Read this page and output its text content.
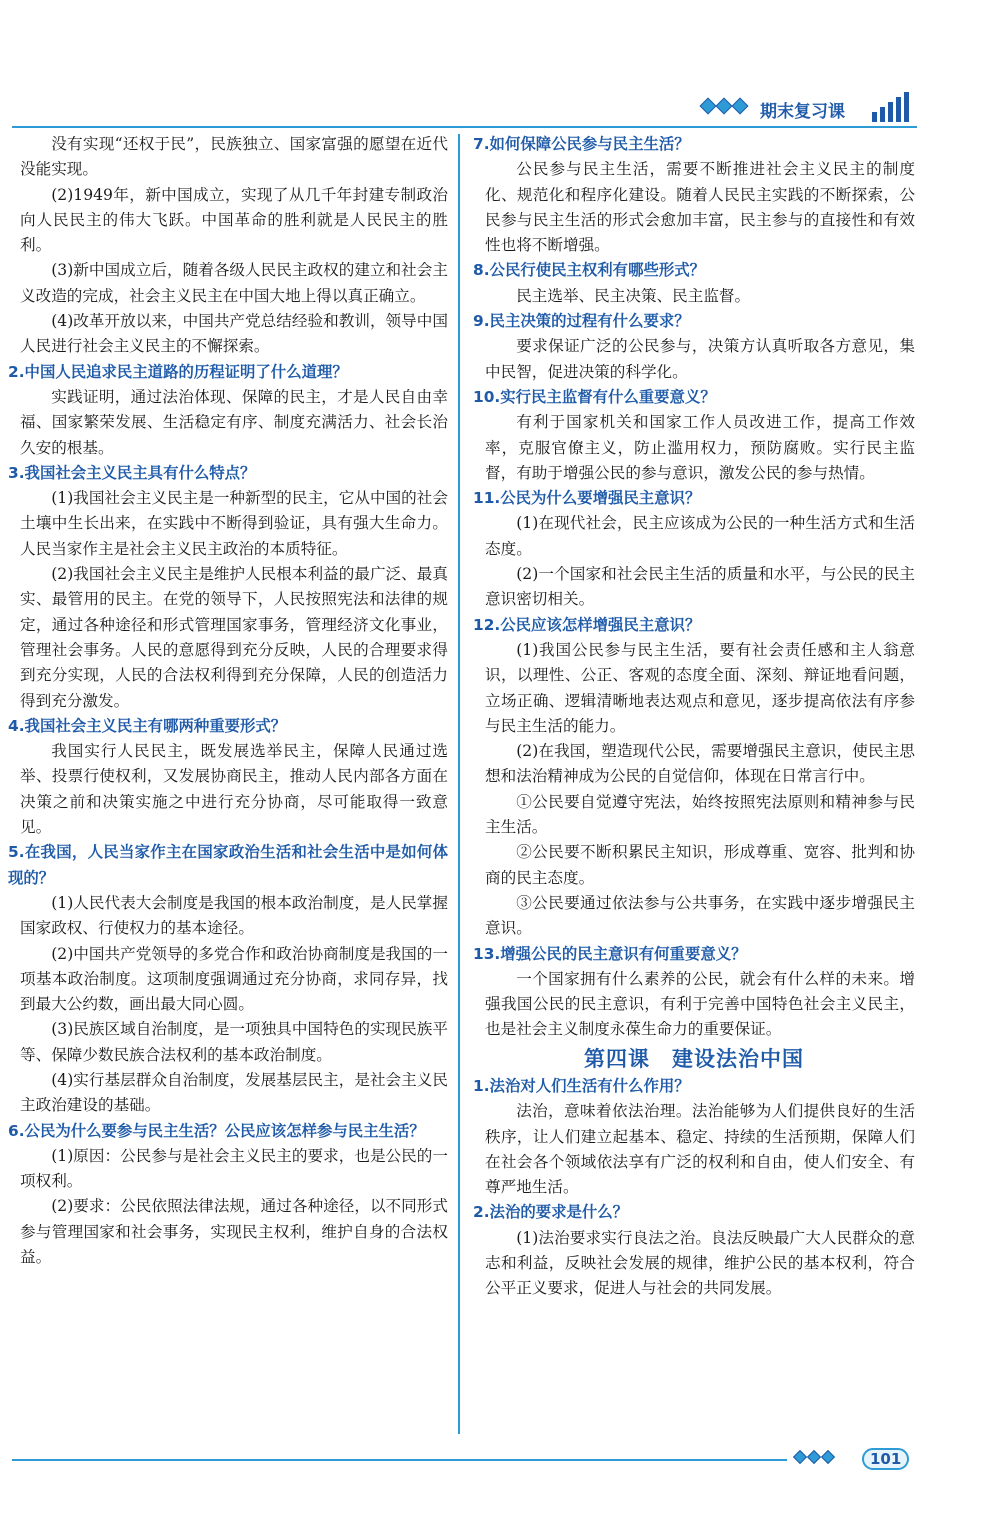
期末复习课

没有实现“还权于民”，民族独立、国家富强的愿望在近代没能实现。

(2)1949年，新中国成立，实现了从几千年封建专制政治向人民民主的伟大飞跃。中国革命的胜利就是人民民主的胜利。

(3)新中国成立后，随着各级人民民主政权的建立和社会主义改造的完成，社会主义民主在中国大地上得以真正确立。

(4)改革开放以来，中国共产党总结经验和教训，领导中国人民进行社会主义民主的不懈探索。

2.中国人民追求民主道路的历程证明了什么道理？

实践证明，通过法治体现、保障的民主，才是人民自由幸福、国家繁荣发展、生活稳定有序、制度充满活力、社会长治久安的根基。

3.我国社会主义民主具有什么特点？

(1)我国社会主义民主是一种新型的民主，它从中国的社会土壤中生长出来，在实践中不断得到验证，具有强大生命力。人民当家作主是社会主义民主政治的本质特征。

(2)我国社会主义民主是维护人民根本利益的最广泛、最真实、最管用的民主。在党的领导下，人民按照宪法和法律的规定，通过各种途径和形式管理国家事务，管理经济文化事业，管理社会事务。人民的意愿得到充分反映，人民的合理要求得到充分实现，人民的合法权利得到充分保障，人民的创造活力得到充分激发。

4.我国社会主义民主有哪两种重要形式？

我国实行人民民主，既发展选举民主，保障人民通过选举、投票行使权利，又发展协商民主，推动人民内部各方面在决策之前和决策实施之中进行充分协商，尽可能取得一致意见。

5.在我国，人民当家作主在国家政治生活和社会生活中是如何体现的？

(1)人民代表大会制度是我国的根本政治制度，是人民掌握国家政权、行使权力的基本途径。

(2)中国共产党领导的多党合作和政治协商制度是我国的一项基本政治制度。这项制度强调通过充分协商，求同存异，找到最大公约数，画出最大同心圆。

(3)民族区域自治制度，是一项独具中国特色的实现民族平等、保障少数民族合法权利的基本政治制度。

(4)实行基层群众自治制度，发展基层民主，是社会主义民主政治建设的基础。

6.公民为什么要参与民主生活？公民应该怎样参与民主生活？

(1)原因：公民参与是社会主义民主的要求，也是公民的一项权利。

(2)要求：公民依照法律法规，通过各种途径，以不同形式参与管理国家和社会事务，实现民主权利，维护自身的合法权益。

7.如何保障公民参与民主生活？

公民参与民主生活，需要不断推进社会主义民主的制度化、规范化和程序化建设。随着人民民主实践的不断探索，公民参与民主生活的形式会愈加丰富，民主参与的直接性和有效性也将不断增强。

8.公民行使民主权利有哪些形式？

民主选举、民主决策、民主监督。

9.民主决策的过程有什么要求？

要求保证广泛的公民参与，决策方认真听取各方意见，集中民智，促进决策的科学化。

10.实行民主监督有什么重要意义？

有利于国家机关和国家工作人员改进工作，提高工作效率，克服官僚主义，防止滥用权力，预防腐败。实行民主监督，有助于增强公民的参与意识，激发公民的参与热情。

11.公民为什么要增强民主意识？

(1)在现代社会，民主应该成为公民的一种生活方式和生活态度。

(2)一个国家和社会民主生活的质量和水平，与公民的民主意识密切相关。

12.公民应该怎样增强民主意识？

(1)我国公民参与民主生活，要有社会责任感和主人翁意识，以理性、公正、客观的态度全面、深刻、辩证地看问题，立场正确、逻辑清晰地表达观点和意见，逐步提高依法有序参与民主生活的能力。

(2)在我国，塑造现代公民，需要增强民主意识，使民主思想和法治精神成为公民的自觉信仰，体现在日常言行中。

①公民要自觉遵守宪法，始终按照宪法原则和精神参与民主生活。

②公民要不断积累民主知识，形成尊重、宽容、批判和协商的民主态度。

③公民要通过依法参与公共事务，在实践中逐步增强民主意识。

13.增强公民的民主意识有何重要意义？

一个国家拥有什么素养的公民，就会有什么样的未来。增强我国公民的民主意识，有利于完善中国特色社会主义民主，也是社会主义制度永葆生命力的重要保证。

第四课　建设法治中国

1.法治对人们生活有什么作用？

法治，意味着依法治理。法治能够为人们提供良好的生活秩序，让人们建立起基本、稳定、持续的生活预期，保障人们在社会各个领域依法享有广泛的权利和自由，使人们安全、有尊严地生活。

2.法治的要求是什么？

(1)法治要求实行良法之治。良法反映最广大人民群众的意志和利益，反映社会发展的规律，维护公民的基本权利，符合公平正义要求，促进人与社会的共同发展。

101
